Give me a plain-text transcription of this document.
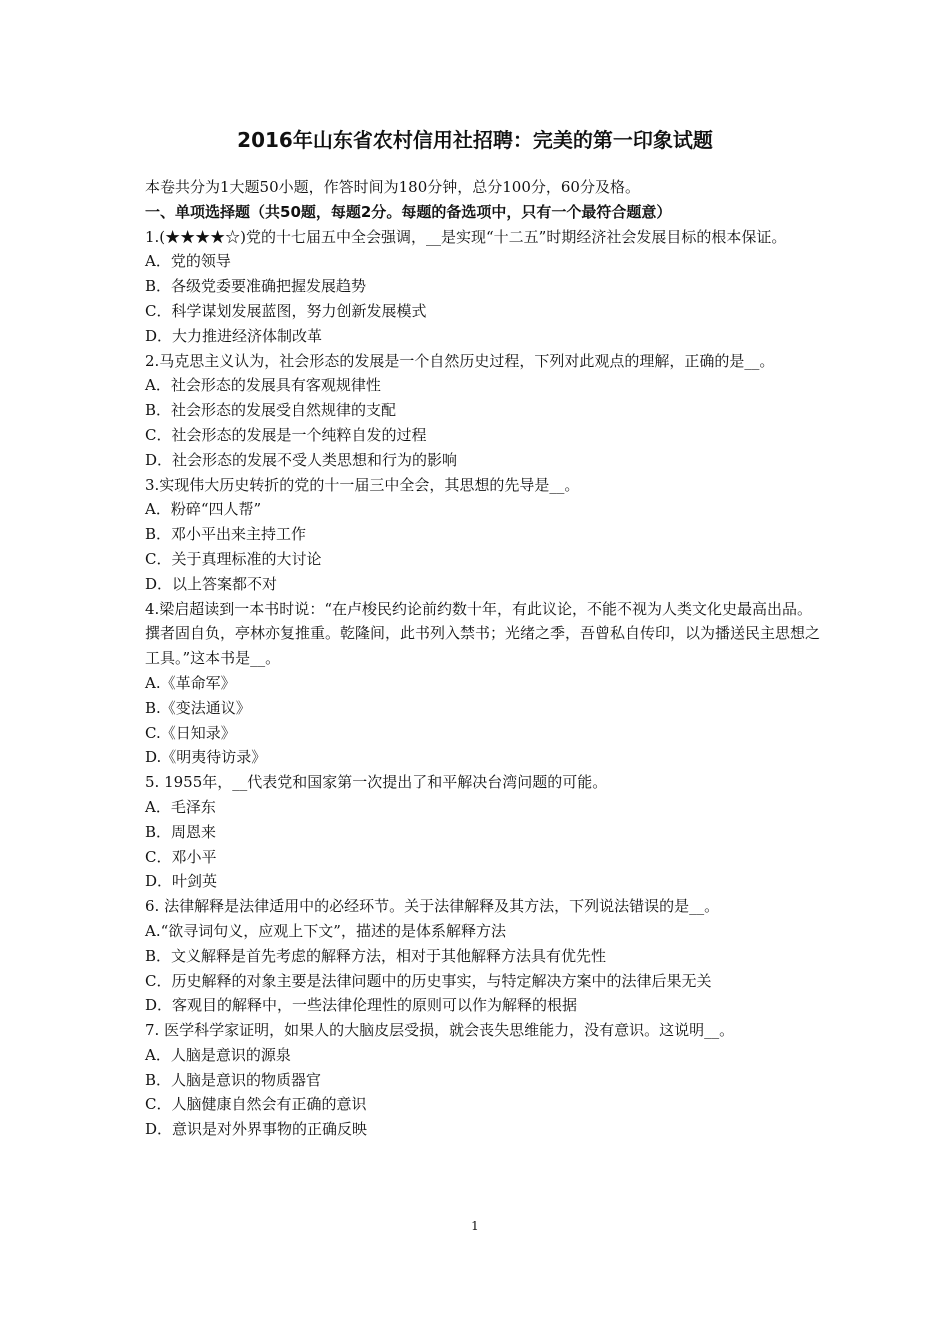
2016年山东省农村信用社招聘：完美的第一印象试题
本卷共分为1大题50小题，作答时间为180分钟，总分100分，60分及格。
一、单项选择题（共50题，每题2分。每题的备选项中，只有一个最符合题意）
1.(★★★★☆)党的十七届五中全会强调，__是实现“十二五”时期经济社会发展目标的根本保证。
A．党的领导
B．各级党委要准确把握发展趋势
C．科学谋划发展蓝图，努力创新发展模式
D．大力推进经济体制改革
2.马克思主义认为，社会形态的发展是一个自然历史过程，下列对此观点的理解，正确的是__。
A．社会形态的发展具有客观规律性
B．社会形态的发展受自然规律的支配
C．社会形态的发展是一个纯粹自发的过程
D．社会形态的发展不受人类思想和行为的影响
3.实现伟大历史转折的党的十一届三中全会，其思想的先导是__。
A．粉碎“四人帮”
B．邓小平出来主持工作
C．关于真理标准的大讨论
D．以上答案都不对
4.梁启超读到一本书时说：“在卢梭民约论前约数十年，有此议论，不能不视为人类文化史最高出品。撰者固自负，亭林亦复推重。乾隆间，此书列入禁书；光绪之季，吾曾私自传印，以为播送民主思想之工具。”这本书是__。
A.《革命军》
B.《变法通议》
C.《日知录》
D.《明夷待访录》
5. 1955年，__代表党和国家第一次提出了和平解决台湾问题的可能。
A．毛泽东
B．周恩来
C．邓小平
D．叶剑英
6. 法律解释是法律适用中的必经环节。关于法律解释及其方法，下列说法错误的是__。
A.“欲寻词句义，应观上下文”，描述的是体系解释方法
B．文义解释是首先考虑的解释方法，相对于其他解释方法具有优先性
C．历史解释的对象主要是法律问题中的历史事实，与特定解决方案中的法律后果无关
D．客观目的解释中，一些法律伦理性的原则可以作为解释的根据
7. 医学科学家证明，如果人的大脑皮层受损，就会丧失思维能力，没有意识。这说明__。
A．人脑是意识的源泉
B．人脑是意识的物质器官
C．人脑健康自然会有正确的意识
D．意识是对外界事物的正确反映
1
